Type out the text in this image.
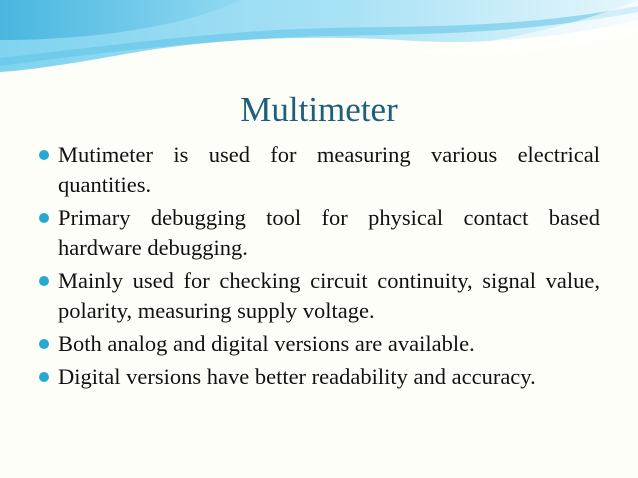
Multimeter
Mutimeter is used for measuring various electrical quantities.
Primary debugging tool for physical contact based hardware debugging.
Mainly used for checking circuit continuity, signal value, polarity, measuring supply voltage.
Both analog and digital versions are available.
Digital versions have better readability and accuracy.
